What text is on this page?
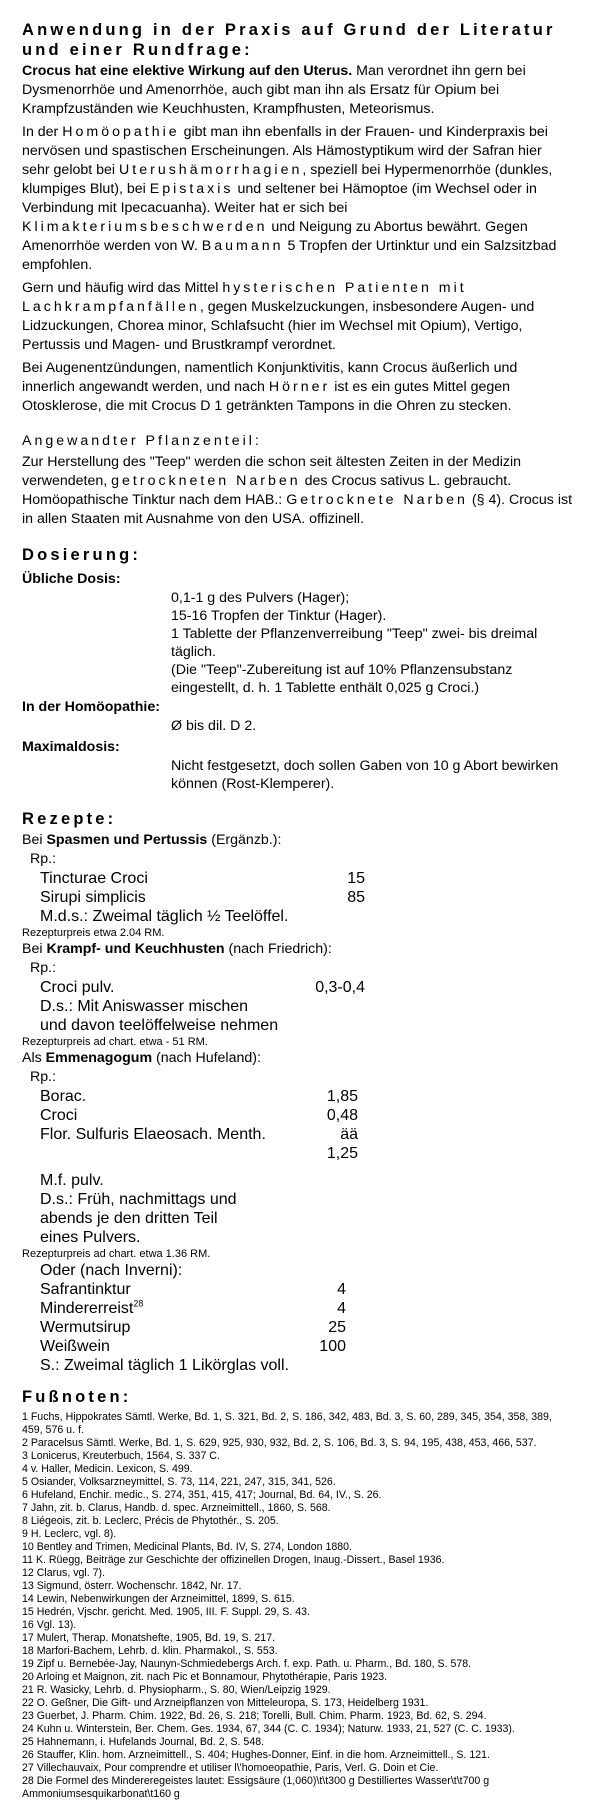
Anwendung in der Praxis auf Grund der Literatur und einer Rundfrage:

Crocus hat eine elektive Wirkung auf den Uterus. Man verordnet ihn gern bei Dysmenorrhöe und Amenorrhöe, auch gibt man ihn als Ersatz für Opium bei Krampfzuständen wie Keuchhusten, Krampfhusten, Meteorismus.

In der Homöopathie gibt man ihn ebenfalls in der Frauen- und Kinderpraxis bei nervösen und spastischen Erscheinungen. Als Hämostyptikum wird der Safran hier sehr gelobt bei Uterushämorrhagien, speziell bei Hypermenorrhöe (dunkles, klumpiges Blut), bei Epistaxis und seltener bei Hämoptoe (im Wechsel oder in Verbindung mit Ipecacuanha). Weiter hat er sich bei Klimakteriumsbeschwerden und Neigung zu Abortus bewährt. Gegen Amenorrhöe werden von W. Baumann 5 Tropfen der Urtinktur und ein Salzsitzbad empfohlen.

Gern und häufig wird das Mittel hysterischen Patienten mit Lachkrampfanfällen, gegen Muskelzuckungen, insbesondere Augen- und Lidzuckungen, Chorea minor, Schlafsucht (hier im Wechsel mit Opium), Vertigo, Pertussis und Magen- und Brustkrampf verordnet.

Bei Augenentzündungen, namentlich Konjunktivitis, kann Crocus äußerlich und innerlich angewandt werden, und nach Hörner ist es ein gutes Mittel gegen Otosklerose, die mit Crocus D 1 getränkten Tampons in die Ohren zu stecken.

Angewandter Pflanzenteil:

Zur Herstellung des "Teep" werden die schon seit ältesten Zeiten in der Medizin verwendeten, getrockneten Narben des Crocus sativus L. gebraucht. Homöopathische Tinktur nach dem HAB.: Getrocknete Narben (§ 4). Crocus ist in allen Staaten mit Ausnahme von den USA. offizinell.

Dosierung:
Übliche Dosis:
0,1-1 g des Pulvers (Hager);
15-16 Tropfen der Tinktur (Hager).
1 Tablette der Pflanzenverreibung "Teep" zwei- bis dreimal täglich.
(Die "Teep"-Zubereitung ist auf 10% Pflanzensubstanz eingestellt, d. h. 1 Tablette enthält 0,025 g Croci.)
In der Homöopathie:
Ø bis dil. D 2.
Maximaldosis:
Nicht festgesetzt, doch sollen Gaben von 10 g Abort bewirken können (Rost-Klemperer).
Rezepte:
Bei Spasmen und Pertussis (Ergänzb.):
Rp.:
Tincturae Croci	15
Sirupi simplicis	85
M.d.s.: Zweimal täglich ½ Teelöffel.
Rezepturpreis etwa 2.04 RM.
Bei Krampf- und Keuchhusten (nach Friedrich):
Rp.:
Croci pulv.	0,3-0,4
D.s.: Mit Aniswasser mischen
und davon teelöffelweise nehmen
Rezepturpreis ad chart. etwa - 51 RM.
Als Emmenagogum (nach Hufeland):
Rp.:
Borac.	1,85
Croci	0,48
Flor. Sulfuris Elaeosach. Menth.	ää
1,25
M.f. pulv.
D.s.: Früh, nachmittags und
abends je den dritten Teil
eines Pulvers.
Rezepturpreis ad chart. etwa 1.36 RM.
Oder (nach Inverni):
Safrantinktur	4
Mindererreist$^{28}$	4
Wermutsirup	25
Weißwein	100
S.: Zweimal täglich 1 Likörglas voll.
Fußnoten:
1 Fuchs, Hippokrates Sämtl. Werke, Bd. 1, S. 321, Bd. 2, S. 186, 342, 483, Bd. 3, S. 60, 289, 345, 354, 358, 389, 459, 576 u. f.
2 Paracelsus Sämtl. Werke, Bd. 1, S. 629, 925, 930, 932, Bd. 2, S. 106, Bd. 3, S. 94, 195, 438, 453, 466, 537.
3 Lonicerus, Kreuterbuch, 1564, S. 337 C.
4 v. Haller, Medicin. Lexicon, S. 499.
5 Osiander, Volksarzneymittel, S. 73, 114, 221, 247, 315, 341, 526.
6 Hufeland, Enchir. medic., S. 274, 351, 415, 417; Journal, Bd. 64, IV., S. 26.
7 Jahn, zit. b. Clarus, Handb. d. spec. Arzneimittell., 1860, S. 568.
8 Liégeois, zit. b. Leclerc, Précis de Phytothér., S. 205.
9 H. Leclerc, vgl. 8).
10 Bentley and Trimen, Medicinal Plants, Bd. IV, S. 274, London 1880.
11 K. Rüegg, Beiträge zur Geschichte der offizinellen Drogen, Inaug.-Dissert., Basel 1936.
12 Clarus, vgl. 7).
13 Sigmund, österr. Wochenschr. 1842, Nr. 17.
14 Lewin, Nebenwirkungen der Arzneimittel, 1899, S. 615.
15 Hedrén, Vjschr. gericht. Med. 1905, III. F. Suppl. 29, S. 43.
16 Vgl. 13).
17 Mulert, Therap. Monatshefte, 1905, Bd. 19, S. 217.
18 Marfori-Bachem, Lehrb. d. klin. Pharmakol., S. 553.
19 Zipf u. Bernebée-Jay, Naunyn-Schmiedebergs Arch. f. exp. Path. u. Pharm., Bd. 180, S. 578.
20 Arloing et Maignon, zit. nach Pic et Bonnamour, Phytothérapie, Paris 1923.
21 R. Wasicky, Lehrb. d. Physiopharm., S. 80, Wien/Leipzig 1929.
22 O. Geßner, Die Gift- und Arzneipflanzen von Mitteleuropa, S. 173, Heidelberg 1931.
23 Guerbet, J. Pharm. Chim. 1922, Bd. 26, S. 218; Torelli, Bull. Chim. Pharm. 1923, Bd. 62, S. 294.
24 Kuhn u. Winterstein, Ber. Chem. Ges. 1934, 67, 344 (C. C. 1934); Naturw. 1933, 21, 527 (C. C. 1933).
25 Hahnemann, i. Hufelands Journal, Bd. 2, S. 548.
26 Stauffer, Klin. hom. Arzneimittell., S. 404; Hughes-Donner, Einf. in die hom. Arzneimittell., S. 121.
27 Villechauvaix, Pour comprendre et utiliser l\'homoeopathie, Paris, Verl. G. Doin et Cie.
28 Die Formel des Mindereregeistes lautet: Essigsäure (1,060)\t\t300 g Destilliertes Wasser\t\t700 g Ammoniumsesquikarbonat\t160 g
